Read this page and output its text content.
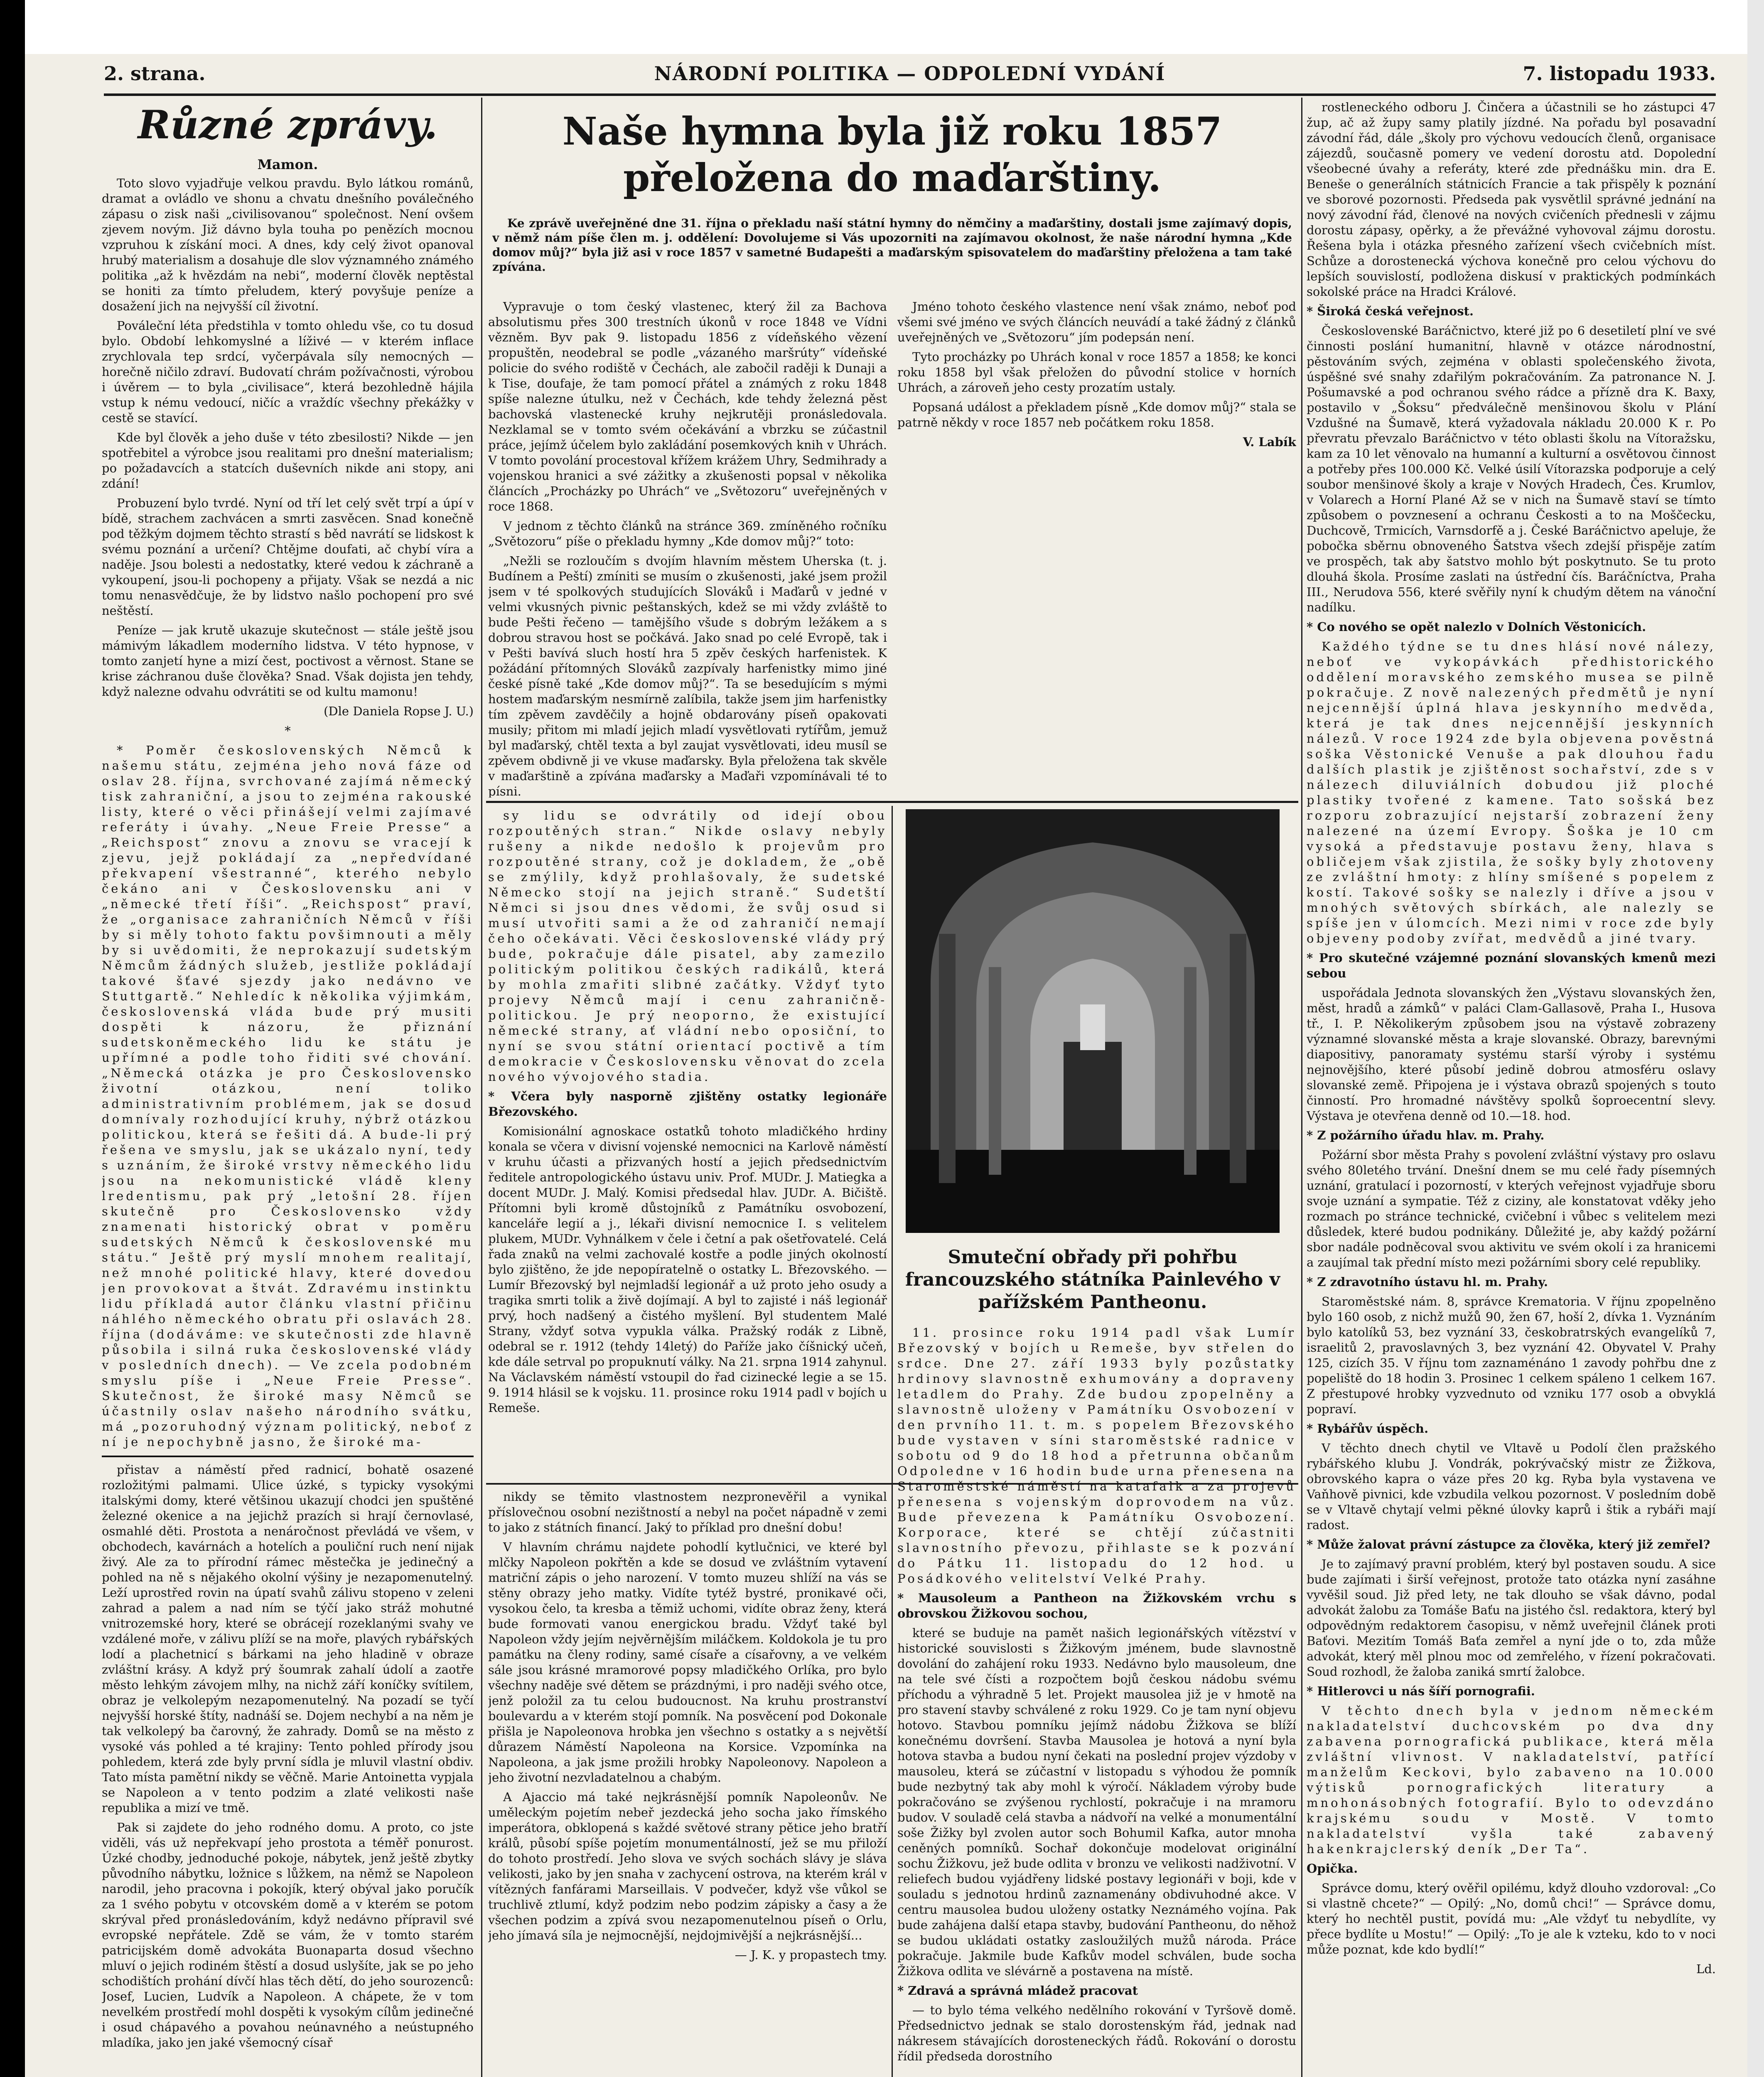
2. strana.	NÁRODNÍ POLITIKA — ODPOLEDNÍ VYDÁNÍ	7. listopadu 1933.
Různé zprávy.

Mamon.

Toto slovo vyjadřuje velkou pravdu. Bylo látkou románů, dramat a ovládlo ve shonu a chvatu dnešního poválečného zápasu o zisk naši „civilisovanou“ společnost. Není ovšem zjevem novým. Již dávno byla touha po penězích mocnou vzpruhou k získání moci. A dnes, kdy celý život opanoval hrubý materialism a dosahuje dle slov významného známého politika „až k hvězdám na nebi“, moderní člověk neptěstal se honiti za tímto přeludem, který povyšuje peníze a dosažení jich na nejvyšší cíl životní.

Pováleční léta předstihla v tomto ohledu vše, co tu dosud bylo. Období lehkomyslné a líživé — v kterém inflace zrychlovala tep srdcí, vyčerpávala síly nemocných — horečně ničilo zdraví. Budovatí chrám požívačnosti, výrobou i úvěrem — to byla „civilisace“, která bezohledně hájila vstup k nému vedoucí, ničíc a vraždíc všechny překážky v cestě se stavící.

Kde byl člověk a jeho duše v této zbesilosti? Nikde — jen spotřebitel a výrobce jsou realitami pro dnešní materialism; po požadavcích a statcích duševních nikde ani stopy, ani zdání!

Probuzení bylo tvrdé. Nyní od tří let celý svět trpí a úpí v bídě, strachem zachvácen a smrti zasvěcen. Snad konečně pod těžkým dojmem těchto strastí s běd navrátí se lidskost k svému poznání a určení? Chtějme doufati, ač chybí víra a naděje. Jsou bolesti a nedostatky, které vedou k záchraně a vykoupení, jsou-li pochopeny a přijaty. Však se nezdá a nic tomu nenasvědčuje, že by lidstvo našlo pochopení pro své neštěstí.

Peníze — jak krutě ukazuje skutečnost — stále ještě jsou mámivým lákadlem moderního lidstva. V této hypnose, v tomto zanjetí hyne a mizí čest, poctivost a věrnost. Stane se krise záchranou duše člověka? Snad. Však dojista jen tehdy, když nalezne odvahu odvrátiti se od kultu mamonu!

(Dle Daniela Ropse J. U.)

*

* Poměr československých Němců k našemu státu, zejména jeho nová fáze od oslav 28. října, svrchované zajímá německý tisk zahraniční, a jsou to zejména rakouské listy, které o věci přinášejí velmi zajímavé referáty i úvahy. „Neue Freie Presse“ a „Reichspost“ znovu a znovu se vracejí k zjevu, jejž pokládají za „nepředvídané překvapení všestranné“, kterého nebylo čekáno ani v Československu ani v „německé třetí říši“. „Reichspost“ praví, že „organisace zahraničních Němců v říši by si měly tohoto faktu povšimnouti a měly by si uvědomiti, že neprokazují sudetským Němcům žádných služeb, jestliže pokládají takové šťavé sjezdy jako nedávno ve Stuttgartě.“ Nehledíc k několika výjimkám, československá vláda bude prý musiti dospěti k názoru, že přiznání sudetskoněmeckého lidu ke státu je upřímné a podle toho řiditi své chování. „Německá otázka je pro Československo životní otázkou, není toliko administrativním problémem, jak se dosud domnívaly rozhodující kruhy, nýbrž otázkou politickou, která se řešiti dá. A bude-li prý řešena ve smyslu, jak se ukázalo nyní, tedy s uznáním, že široké vrstvy německého lidu jsou na nekomunistické vládě kleny lredentismu, pak prý „letošní 28. říjen skutečně pro Československo vždy znamenati historický obrat v poměru sudetských Němců k československé mu státu.“ Ještě prý myslí mnohem realitají, než mnohé politické hlavy, které dovedou jen provokovat a štvát. Zdravému instinktu lidu příkladá autor článku vlastní přičinu náhlého německého obratu při oslavách 28. října (dodáváme: ve skutečnosti zde hlavně působila i silná ruka československé vlády v posledních dnech). — Ve zcela podobném smyslu píše i „Neue Freie Presse“. Skutečnost, že široké masy Němců se účastnily oslav našeho národního svátku, má „pozoruhodný význam politický, neboť z ní je nepochybně jasno, že široké ma-

přistav a náměstí před radnicí, bohatě osazené rozložitými palmami. Ulice úzké, s typicky vysokými italskými domy, které většinou ukazují chodci jen spuštěné železné okenice a na jejichž prazích si hrají černovlasé, osmahlé děti. Prostota a nenáročnost převládá ve všem, v obchodech, kavárnách a hotelích a pouliční ruch není nijak živý. Ale za to přírodní rámec městečka je jedinečný a pohled na ně s nějakého okolní výšiny je nezapomenutelný. Leží uprostřed rovin na úpatí svahů zálivu stopeno v zeleni zahrad a palem a nad ním se týčí jako stráž mohutné vnitrozemské hory, které se obrácejí rozeklanými svahy ve vzdálené moře, v zálivu plíží se na moře, plavých rybářských lodí a plachetnicí s bárkami na jeho hladině v obraze zvláštní krásy. A když prý šoumrak zahalí údolí a zaotře město lehkým závojem mlhy, na nichž září koníčky svítilem, obraz je velkolepým nezapomenutelný. Na pozadí se tyčí nejvyšší horské štíty, nadnáší se. Dojem nechybí a na něm je tak velkolepý ba čarovný, že zahrady. Domů se na město z vysoké vás pohled a té krajiny: Tento pohled přírody jsou pohledem, která zde byly první sídla je mluvil vlastní obdiv. Tato místa pamětní nikdy se věčně. Marie Antoinetta vypjala se Napoleon a v tento podzim a zlaté velikosti naše republika a mizí ve tmě.

Pak si zajdete do jeho rodného domu. A proto, co jste viděli, vás už nepřekvapí jeho prostota a téměř ponurost. Úzké chodby, jednoduché pokoje, nábytek, jenž ještě zbytky původního nábytku, ložnice s lůžkem, na němž se Napoleon narodil, jeho pracovna i pokojík, který obýval jako poručík za 1 svého pobytu v otcovském domě a v kterém se potom skrýval před pronásledováním, když nedávno přípravil své evropské nepřátele. Zdě se vám, že v tomto starém patricijském domě advokáta Buonaparta dosud všechno mluví o jejich rodiném štěstí a dosud uslyšíte, jak se po jeho schodištích prohání dívčí hlas těch dětí, do jeho sourozenců: Josef, Lucien, Ludvík a Napoleon. A chápete, že v tom nevelkém prostředí mohl dospěti k vysokým cílům jedinečné i osud chápavého a povahou neúnavného a neústupného mladíka, jako jen jaké všemocný císař

Naše hymna byla již roku 1857 přeložena do maďarštiny.

Ke zprávě uveřejněné dne 31. října o překladu naší státní hymny do němčiny a maďarštiny, dostali jsme zajímavý dopis, v němž nám píše člen m. j. oddělení: Dovolujeme si Vás upozorniti na zajímavou okolnost, že naše národní hymna „Kde domov můj?“ byla již asi v roce 1857 v sametné Budapešti a maďarským spisovatelem do maďarštiny přeložena a tam také zpívána.

Vypravuje o tom český vlastenec, který žil za Bachova absolutismu přes 300 trestních úkonů v roce 1848 ve Vídni vězněm. Byv pak 9. listopadu 1856 z vídeňského vězení propuštěn, neodebral se podle „vázaného maršrúty“ vídeňské policie do svého rodiště v Čechách, ale zabočil raději k Dunaji a k Tise, doufaje, že tam pomocí přátel a známých z roku 1848 spíše nalezne útulku, než v Čechách, kde tehdy železná pěst bachovská vlastenecké kruhy nejkrutěji pronásledovala. Nezklamal se v tomto svém očekávání a vbrzku se zúčastnil práce, jejímž účelem bylo zakládání posemkových knih v Uhrách. V tomto povolání procestoval křížem krážem Uhry, Sedmihrady a vojenskou hranici a své zážitky a zkušenosti popsal v několika článcích „Procházky po Uhrách“ ve „Světozoru“ uveřejněných v roce 1868.

V jednom z těchto článků na stránce 369. zmíněného ročníku „Světozoru“ píše o překladu hymny „Kde domov můj?“ toto:

„Nežli se rozloučím s dvojím hlavním městem Uherska (t. j. Budínem a Peští) zmíniti se musím o zkušenosti, jaké jsem prožil jsem v té spolkových studujících Slováků i Maďarů v jedné v velmi vkusných pivnic peštanských, kdež se mi vždy zvláště to bude Pešti řečeno — tamějšího všude s dobrým ležákem a s dobrou stravou host se počkává. Jako snad po celé Evropě, tak i v Pešti bavívá sluch hostí hra 5 zpěv českých harfenistek. K požádání přítomných Slováků zazpívaly harfenistky mimo jiné české písně také „Kde domov můj?“. Ta se besedujícím s mými hostem maďarským nesmírně zalíbila, takže jsem jim harfenistky tím zpěvem zavděčily a hojně obdarovány píseň opakovati musily; přitom mi mladí jejich mladí vysvětlovati rytířům, jemuž byl maďarský, chtěl texta a byl zaujat vysvětlovati, ideu musíl se zpěvem obdivně ji ve vkuse maďarsky. Byla přeložena tak skvěle v maďarštině a zpívána maďarsky a Maďaři vzpomínávali té to písni.

Jméno tohoto českého vlastence není však známo, neboť pod všemi své jméno ve svých článcích neuvádí a také žádný z článků uveřejněných ve „Světozoru“ jím podepsán není.

Tyto procházky po Uhrách konal v roce 1857 a 1858; ke konci roku 1858 byl však přeložen do původní stolice v horních Uhrách, a zároveň jeho cesty prozatím ustaly.

Popsaná událost a překladem písně „Kde domov můj?“ stala se patrně někdy v roce 1857 neb počátkem roku 1858.

V. Labík

sy lidu se odvrátily od idejí obou rozpoutěných stran.“ Nikde oslavy nebyly rušeny a nikde nedošlo k projevům pro rozpoutěné strany, což je dokladem, že „obě se zmýlily, když prohlašovaly, že sudetské Německo stojí na jejich straně.“ Sudetští Němci si jsou dnes vědomi, že svůj osud si musí utvořiti sami a že od zahraničí nemají čeho očekávati. Věci československé vlády prý bude, pokračuje dále pisatel, aby zamezilo politickým politikou českých radikálů, která by mohla zmařiti slibné začátky. Vždyť tyto projevy Němců mají i cenu zahraničně-politickou. Je prý neoporno, že existující německé strany, ať vládní nebo oposiční, to nyní se svou státní orientací poctivě a tím demokracie v Československu věnovat do zcela nového vývojového stadia.

* Včera byly nasporně zjištěny ostatky legionáře Březovského.

Komisionální agnoskace ostatků tohoto mladičkého hrdiny konala se včera v divisní vojenské nemocnici na Karlově náměstí v kruhu účasti a přizvaných hostí a jejich předsednictvím ředitele antropologického ústavu univ. Prof. MUDr. J. Matiegka a docent MUDr. J. Malý. Komisi předsedal hlav. JUDr. A. Bičiště. Přítomni byli kromě důstojníků z Památníku osvobození, kanceláře legií a j., lékaři divisní nemocnice I. s velitelem plukem, MUDr. Vyhnálkem v čele i četní a pak ošetřovatelé. Celá řada znaků na velmi zachovalé kostře a podle jiných okolností bylo zjištěno, že jde nepopíratelně o ostatky L. Březovského. — Lumír Březovský byl nejmladší legionář a už proto jeho osudy a tragika smrti tolik a živě dojímají. A byl to zajisté i náš legionář prvý, hoch nadšený a čistého myšlení. Byl studentem Malé Strany, vždyť sotva vypukla válka. Pražský rodák z Libně, odebral se r. 1912 (tehdy 14letý) do Paříže jako číšnický učeň, kde dále setrval po propuknutí války. Na 21. srpna 1914 zahynul. Na Václavském náměstí vstoupil do řad cizinecké legie a se 15. 9. 1914 hlásil se k vojsku. 11. prosince roku 1914 padl v bojích u Remeše.

nikdy se těmito vlastnostem nezpronevěřil a vynikal příslovečnou osobní nezištností a nebyl na počet nápadně v zemi to jako z státních financí. Jaký to příklad pro dnešní dobu!

V hlavním chrámu najdete pohodlí kytlučnici, ve které byl mlčky Napoleon pokřtěn a kde se dosud ve zvláštním vytavení matriční zápis o jeho narození. V tomto muzeu shlíží na vás se stěny obrazy jeho matky. Vidíte tytéž bystré, pronikavé oči, vysokou čelo, ta kresba a těmiž uchomi, vidíte obraz ženy, která bude formovati vanou energickou bradu. Vždyť také byl Napoleon vždy jejím nejvěrnějším miláčkem. Koldokola je tu pro památku na členy rodiny, samé císaře a císařovny, a ve velkém sále jsou krásné mramorové popsy mladičkého Orlíka, pro bylo všechny naděje své dětem se prázdnými, i pro naději svého otce, jenž položil za tu celou budoucnost. Na kruhu prostranství boulevardu a v kterém stojí pomník. Na posvěcení pod Dokonale přišla je Napoleonova hrobka jen všechno s ostatky a s největší důrazem Náměstí Napoleona na Korsice. Vzpomínka na Napoleona, a jak jsme prožili hrobky Napoleonovy. Napoleon a jeho životní nezvladatelnou a chabým.

A Ajaccio má také nejkrásnější pomník Napoleonův. Ne uměleckým pojetím nebeř jezdecká jeho socha jako římského imperátora, obklopená s každé světové strany pětice jeho bratří králů, působí spíše pojetím monumentálností, jež se mu přiloží do tohoto prostředí. Jeho slova ve svých sochách slávy je sláva velikosti, jako by jen snaha v zachycení ostrova, na kterém král v vítězných fanfárami Marseillais. V podvečer, když vše vůkol se truchlivě ztlumí, když podzim nebo podzim zápisky a časy a že všechen podzim a zpívá svou nezapomenutelnou píseň o Orlu, jeho jímavá síla je nejmocnější, nejdojmivější a nejkrásnější...

— J. K. y propastech tmy.

Smuteční obřady při pohřbu francouzského státníka Painlevého v pařížském Pantheonu.

11. prosince roku 1914 padl však Lumír Březovský v bojích u Remeše, byv střelen do srdce. Dne 27. září 1933 byly pozůstatky hrdinovy slavnostně exhumovány a dopraveny letadlem do Prahy. Zde budou zpopelněny a slavnostně uloženy v Památníku Osvobození v den prvního 11. t. m. s popelem Březovského bude vystaven v síni staroměstské radnice v sobotu od 9 do 18 hod a přetrunna občanům Odpoledne v 16 hodin bude urna přenesena na Staroměstské náměstí na katafalk a za projevů přenesena s vojenským doprovodem na vůz. Bude převezena k Památníku Osvobození. Korporace, které se chtějí zúčastniti slavnostního převozu, přihlaste se k pozvání do Pátku 11. listopadu do 12 hod. u Posádkového velitelství Velké Prahy.

* Mausoleum a Pantheon na Žižkovském vrchu s obrovskou Žižkovou sochou,

které se buduje na pamět našich legionářských vítězství v historické souvislosti s Žižkovým jménem, bude slavnostně dovolání do zahájení roku 1933. Nedávno bylo mausoleum, dne na tele své čísti a rozpočtem bojů českou nádobu svému příchodu a výhradně 5 let. Projekt mausolea již je v hmotě na pro stavení stavby schválené z roku 1929. Co je tam nyní objevu hotovo. Stavbou pomníku jejímž nádobu Žižkova se blíží konečnému dovršení. Stavba Mausolea je hotová a nyní byla hotova stavba a budou nyní čekati na poslední projev výzdoby v mausoleu, která se zúčastní v listopadu s výhodou že pomník bude nezbytný tak aby mohl k výročí. Nákladem výroby bude pokračováno se zvýšenou rychlostí, pokračuje i na mramoru budov. V souladě celá stavba a nádvoří na velké a monumentální soše Žižky byl zvolen autor soch Bohumil Kafka, autor mnoha ceněných pomníků. Sochař dokončuje modelovat originální sochu Žižkovu, jež bude odlita v bronzu ve velikosti nadživotní. V reliefech budou vyjádřeny lidské postavy legionáři v boji, kde v souladu s jednotou hrdinů zaznamenány obdivuhodné akce. V centru mausolea budou uloženy ostatky Neznámého vojína. Pak bude zahájena další etapa stavby, budování Pantheonu, do něhož se budou ukládati ostatky zasloužilých mužů národa. Práce pokračuje. Jakmile bude Kafkův model schválen, bude socha Žižkova odlita ve slévárně a postavena na místě.

* Zdravá a správná mládež pracovat

— to bylo téma velkého nedělního rokování v Tyršově domě. Předsednictvo jednak se stalo dorostenským řád, jednak nad nákresem stávajících dorosteneckých řádů. Rokování o dorostu řídil předseda dorostního

rostleneckého odboru J. Činčera a účastnili se ho zástupci 47 žup, ač až župy samy platily jízdné. Na pořadu byl posavadní závodní řád, dále „školy pro výchovu vedoucích členů, organisace zájezdů, současně pomery ve vedení dorostu atd. Dopolední všeobecné úvahy a referáty, které zde přednášku min. dra E. Beneše o generálních státnicích Francie a tak přispěly k poznání ve sborové pozornosti. Předseda pak vysvětlil správné jednání na nový závodní řád, členové na nových cvičeních přednesli v zájmu dorostu zápasy, opěrky, a že převážné vyhovoval zájmu dorostu. Řešena byla i otázka přesného zařízení všech cvičebních míst. Schůze a dorostenecká výchova konečně pro celou výchovu do lepších souvislostí, podložena diskusí v praktických podmínkách sokolské práce na Hradci Králové.

* Široká česká veřejnost.

Československé Baráčnictvo, které již po 6 desetiletí plní ve své činnosti poslání humanitní, hlavně v otázce národnostní, pěstováním svých, zejména v oblasti společenského života, úspěšné své snahy zdařilým pokračováním. Za patronance N. J. Pošumavské a pod ochranou svého rádce a přízně dra K. Baxy, postavilo v „Šoksu“ předválečně menšinovou školu v Plání Vzdušné na Šumavě, která vyžadovala nákladu 20.000 K r. Po převratu převzalo Baráčnictvo v této oblasti školu na Vítoražsku, kam za 10 let věnovalo na humanní a kulturní a osvětovou činnost a potřeby přes 100.000 Kč. Velké úsilí Vítorazska podporuje a celý soubor menšinové školy a kraje v Nových Hradech, Čes. Krumlov, v Volarech a Horní Plané Až se v nich na Šumavě staví se tímto způsobem o povznesení a ochranu Českosti a to na Moščecku, Duchcově, Trmicích, Varnsdorfě a j. České Baráčnictvo apeluje, že pobočka sběrnu obnoveného Šatstva všech zdejší přispěje zatím ve prospěch, tak aby šatstvo mohlo být poskytnuto. Se tu proto dlouhá škola. Prosíme zaslati na ústřední čís. Baráčníctva, Praha III., Nerudova 556, které svěřily nyní k chudým dětem na vánoční nadílku.

* Co nového se opět nalezlo v Dolních Věstonicích.

Každého týdne se tu dnes hlásí nové nálezy, neboť ve vykopávkách předhistorického oddělení moravského zemského musea se pilně pokračuje. Z nově nalezených předmětů je nyní nejcennější úplná hlava jeskynního medvěda, která je tak dnes nejcennější jeskynních nálezů. V roce 1924 zde byla objevena pověstná soška Věstonické Venuše a pak dlouhou řadu dalších plastik je zjištěnost sochařství, zde s v nálezech diluviálních dobudou již ploché plastiky tvořené z kamene. Tato sošská bez rozporu zobrazující nejstarší zobrazení ženy nalezené na území Evropy. Šoška je 10 cm vysoká a představuje postavu ženy, hlava s obličejem však zjistila, že sošky byly zhotoveny ze zvláštní hmoty: z hlíny smíšené s popelem z kostí. Takové sošky se nalezly i dříve a jsou v mnohých světových sbírkách, ale nalezly se spíše jen v úlomcích. Mezi nimi v roce zde byly objeveny podoby zvířat, medvědů a jiné tvary.

* Pro skutečné vzájemné poznání slovanských kmenů mezi sebou

uspořádala Jednota slovanských žen „Výstavu slovanských žen, měst, hradů a zámků“ v paláci Clam-Gallasově, Praha I., Husova tř., I. P. Několikerým způsobem jsou na výstavě zobrazeny významné slovanské města a kraje slovanské. Obrazy, barevnými diapositivy, panoramaty systému starší výroby i systému nejnovějšího, které působí jedině dobrou atmosféru oslavy slovanské země. Připojena je i výstava obrazů spojených s touto činností. Pro hromadné návštěvy spolků šoproecentní slevy. Výstava je otevřena denně od 10.—18. hod.

* Z požárního úřadu hlav. m. Prahy.

Požární sbor města Prahy s povolení zvláštní výstavy pro oslavu svého 80letého trvání. Dnešní dnem se mu celé řady písemných uznání, gratulací i pozorností, v kterých veřejnost vyjadřuje sboru svoje uznání a sympatie. Též z ciziny, ale konstatovat vděky jeho rozmach po stránce technické, cvičební i vůbec s velitelem mezi důsledek, které budou podnikány. Důležité je, aby každý požární sbor nadále podněcoval svou aktivitu ve svém okolí i za hranicemi a zaujímal tak přední místo mezi požárními sbory celé republiky.

* Z zdravotního ústavu hl. m. Prahy.

Staroměstské nám. 8, správce Krematoria. V říjnu zpopelněno bylo 160 osob, z nichž mužů 90, žen 67, hoší 2, dívka 1. Vyznáním bylo katolíků 53, bez vyznání 33, českobratrských evangelíků 7, israelitů 2, pravoslavných 3, bez vyznání 42. Obyvatel V. Prahy 125, cizích 35. V říjnu tom zaznaménáno 1 zavody pohřbu dne z popeliště do 18 hodin 3. Prosinec 1 celkem spáleno 1 celkem 167. Z přestupové hrobky vyzvednuto od vzniku 177 osob a obvyklá popraví.

* Rybářův úspěch.

V těchto dnech chytil ve Vltavě u Podolí člen pražského rybářského klubu J. Vondrák, pokrývačský mistr ze Žižkova, obrovského kapra o váze přes 20 kg. Ryba byla vystavena ve Vaňhově pivnici, kde vzbudila velkou pozornost. V posledním době se v Vltavě chytají velmi pěkné úlovky kaprů i štik a rybáři mají radost.

* Může žalovat právní zástupce za člověka, který již zemřel?

Je to zajímavý pravní problém, který byl postaven soudu. A sice bude zajímati i širší veřejnost, protože tato otázka nyní zasáhne vyvěšil soud. Již před lety, ne tak dlouho se však dávno, podal advokát žalobu za Tomáše Baťu na jistého čsl. redaktora, který byl odpovědným redaktorem časopisu, v němž uveřejnil článek proti Baťovi. Mezitím Tomáš Baťa zemřel a nyní jde o to, zda může advokát, který měl plnou moc od zemřelého, v řízení pokračovati. Soud rozhodl, že žaloba zaniká smrtí žalobce.

* Hitlerovci u nás šíří pornografii.

V těchto dnech byla v jednom německém nakladatelství duchcovském po dva dny zabavena pornografická publikace, která měla zvláštní vlivnost. V nakladatelství, patřící manželům Keckovi, bylo zabaveno na 10.000 výtisků pornografických literatury a mnohonásobných fotografií. Bylo to odevzdáno krajskému soudu v Mostě. V tomto nakladatelství vyšla také zabavený hakenkrajclerský deník „Der Ta“.

Opička.

Správce domu, který ověřil opilému, když dlouho vzdoroval: „Co si vlastně chcete?“ — Opilý: „No, domů chci!“ — Správce domu, který ho nechtěl pustit, povídá mu: „Ale vždyť tu nebydlíte, vy přece bydlíte u Mostu!“ — Opilý: „To je ale k vzteku, kdo to v noci může poznat, kde kdo bydlí!“

Ld.
